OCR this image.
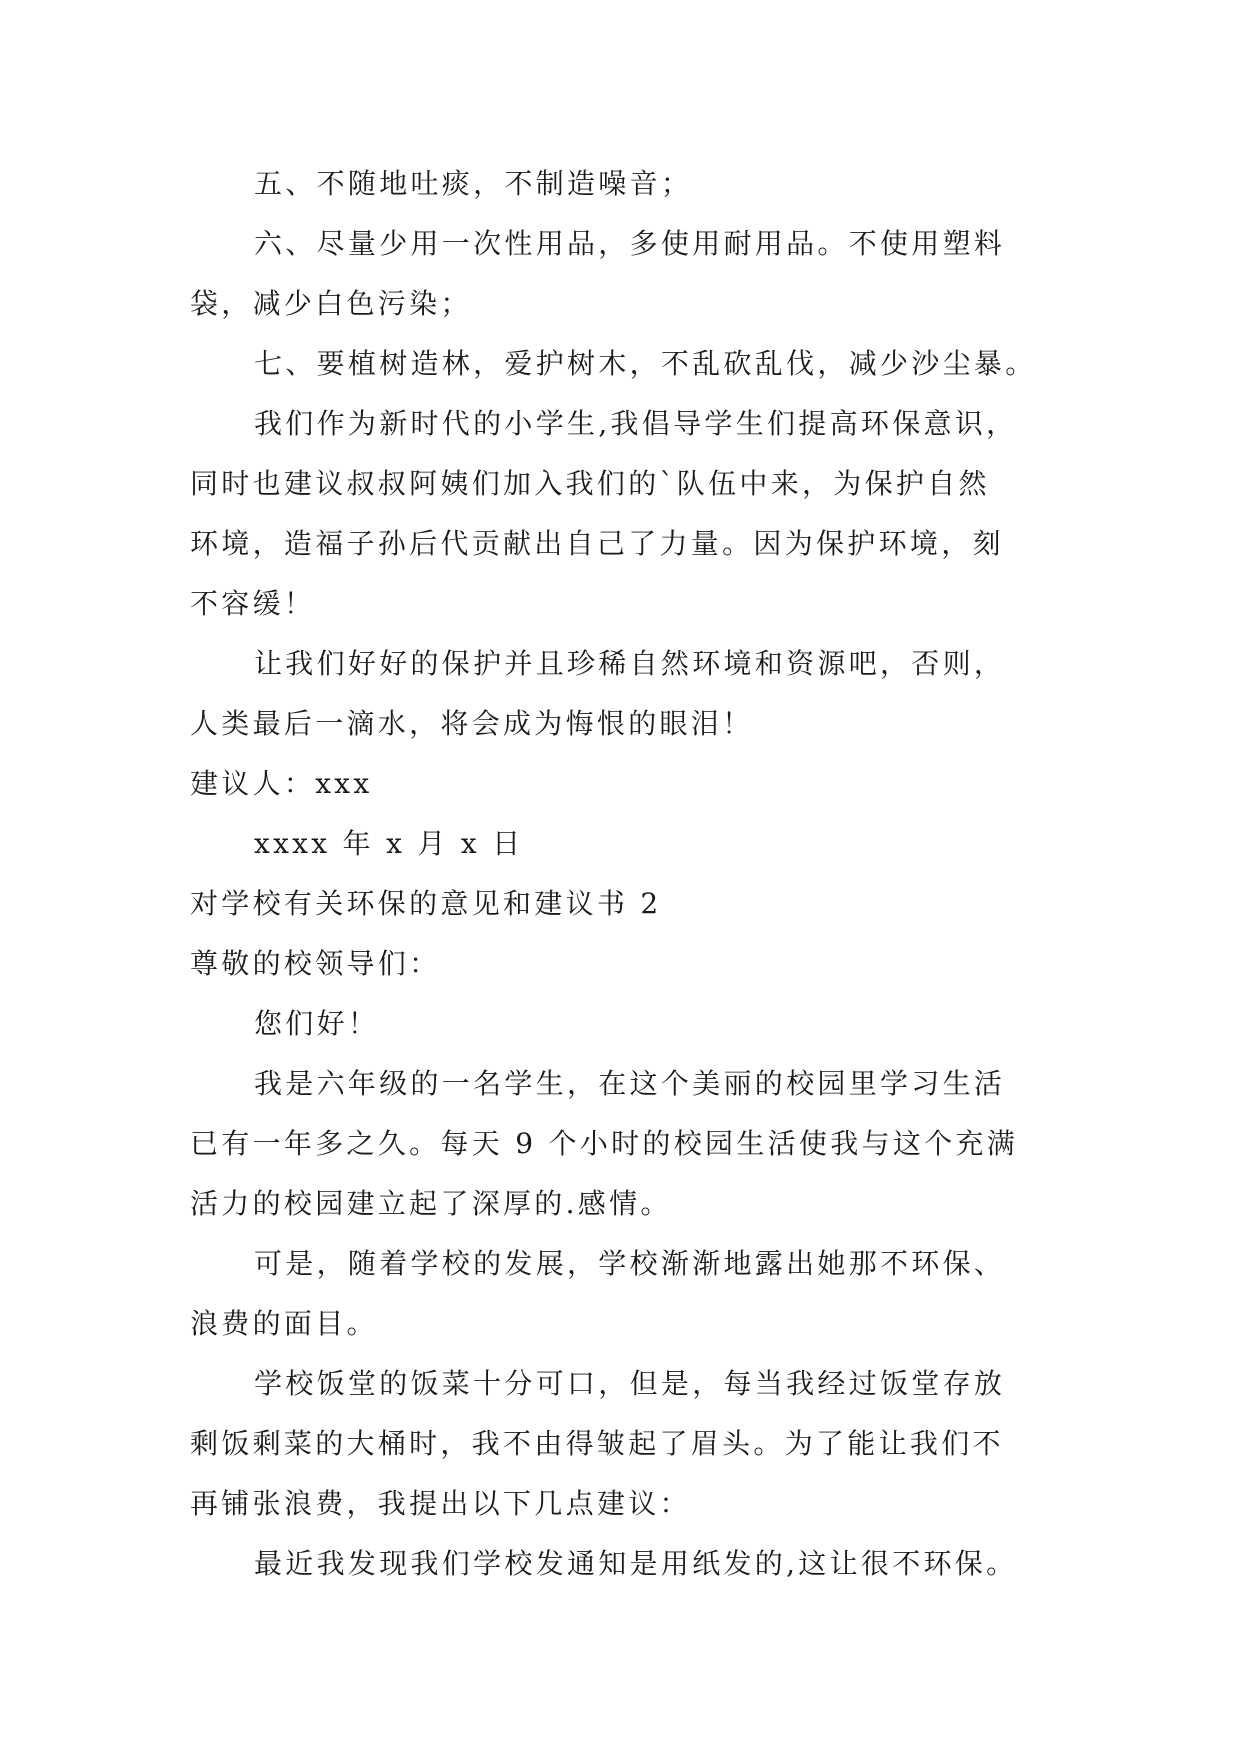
五、不随地吐痰，不制造噪音；
六、尽量少用一次性用品，多使用耐用品。不使用塑料
袋，减少白色污染；
七、要植树造林，爱护树木，不乱砍乱伐，减少沙尘暴。
我们作为新时代的小学生,我倡导学生们提高环保意识，
同时也建议叔叔阿姨们加入我们的`队伍中来，为保护自然
环境，造福子孙后代贡献出自己了力量。因为保护环境，刻
不容缓！
让我们好好的保护并且珍稀自然环境和资源吧，否则，
人类最后一滴水，将会成为悔恨的眼泪！
建议人：xxx
xxxx 年 x 月 x 日
对学校有关环保的意见和建议书 2
尊敬的校领导们：
您们好！
我是六年级的一名学生，在这个美丽的校园里学习生活
已有一年多之久。每天 9 个小时的校园生活使我与这个充满
活力的校园建立起了深厚的.感情。
可是，随着学校的发展，学校渐渐地露出她那不环保、
浪费的面目。
学校饭堂的饭菜十分可口，但是，每当我经过饭堂存放
剩饭剩菜的大桶时，我不由得皱起了眉头。为了能让我们不
再铺张浪费，我提出以下几点建议：
最近我发现我们学校发通知是用纸发的,这让很不环保。
